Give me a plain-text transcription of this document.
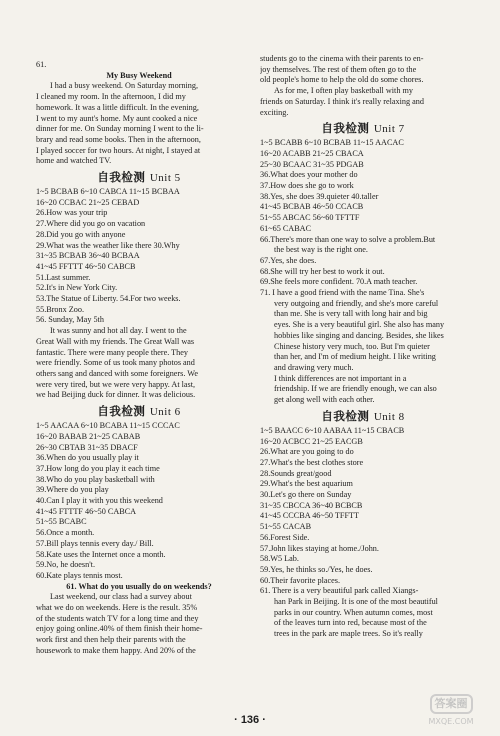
61.
My Busy Weekend
I had a busy weekend. On Saturday morning,
I cleaned my room. In the afternoon, I did my
homework. It was a little difficult. In the evening,
I went to my aunt's home. My aunt cooked a nice
dinner for me. On Sunday morning I went to the li-
brary and read some books. Then in the afternoon,
I played soccer for two hours. At night, I stayed at
home and watched TV.
自我检测 Unit 5
1~5 BCBAB 6~10 CABCA 11~15 BCBAA
16~20 CCBAC 21~25 CEBAD
26.How was your trip
27.Where did you go on vacation
28.Did you go with anyone
29.What was the weather like there 30.Why
31~35 BCBAB 36~40 BCBAA
41~45 FFTTT 46~50 CABCB
51.Last summer.
52.It's in New York City.
53.The Statue of Liberty. 54.For two weeks.
55.Bronx Zoo.
56. Sunday, May 5th
It was sunny and hot all day. I went to the
Great Wall with my friends. The Great Wall was
fantastic. There were many people there. They
were friendly. Some of us took many photos and
others sang and danced with some foreigners. We
were very tired, but we were very happy. At last,
we had Beijing duck for dinner. It was delicious.
自我检测 Unit 6
1~5 AACAA 6~10 BCABA 11~15 CCCAC
16~20 BABAB 21~25 CABAB
26~30 CBTAB 31~35 DBACF
36.When do you usually play it
37.How long do you play it each time
38.Who do you play basketball with
39.Where do you play
40.Can I play it with you this weekend
41~45 FTTTF 46~50 CABCA
51~55 BCABC
56.Once a month.
57.Bill plays tennis every day./ Bill.
58.Kate uses the Internet once a month.
59.No, he doesn't.
60.Kate plays tennis most.
61. What do you usually do on weekends?
Last weekend, our class had a survey about
what we do on weekends. Here is the result. 35%
of the students watch TV for a long time and they
enjoy going online.40% of them finish their home-
work first and then help their parents with the
housework to make them happy. And 20% of the
students go to the cinema with their parents to en-
joy themselves. The rest of them often go to the
old people's home to help the old do some chores.
As for me, I often play basketball with my
friends on Saturday. I think it's really relaxing and
exciting.
自我检测 Unit 7
1~5 BCABB 6~10 BCBAB 11~15 AACAC
16~20 ACABB 21~25 CBACA
25~30 BCAAC 31~35 PDGAB
36.What does your mother do
37.How does she go to work
38.Yes, she does 39.quieter 40.taller
41~45 BCBAB 46~50 CCACB
51~55 ABCAC 56~60 TFTTF
61~65 CABAC
66.There's more than one way to solve a problem.But
the best way is the right one.
67.Yes, she does.
68.She will try her best to work it out.
69.She feels more confident. 70.A math teacher.
71. I have a good friend with the name Tina. She's
very outgoing and friendly, and she's more careful
than me. She is very tall with long hair and big
eyes. She is a very beautiful girl. She also has many
hobbies like singing and dancing. Besides, she likes
Chinese history very much, too. But I'm quieter
than her, and I'm of medium height. I like writing
and drawing very much.
I think differences are not important in a
friendship. If we are friendly enough, we can also
get along well with each other.
自我检测 Unit 8
1~5 BAACC 6~10 AABAA 11~15 CBACB
16~20 ACBCC 21~25 EACGB
26.What are you going to do
27.What's the best clothes store
28.Sounds great/good
29.What's the best aquarium
30.Let's go there on Sunday
31~35 CBCCA 36~40 BCBCB
41~45 CCCBA 46~50 TFFTT
51~55 CACAB
56.Forest Side.
57.John likes staying at home./John.
58.W5 Lab.
59.Yes, he thinks so./Yes, he does.
60.Their favorite places.
61. There is a very beautiful park called Xiangs-
han Park in Beijing. It is one of the most beautiful
parks in our country. When autumn comes, most
of the leaves turn into red, because most of the
trees in the park are maple trees. So it's really
· 136 ·
答案圈
MXQE.COM
